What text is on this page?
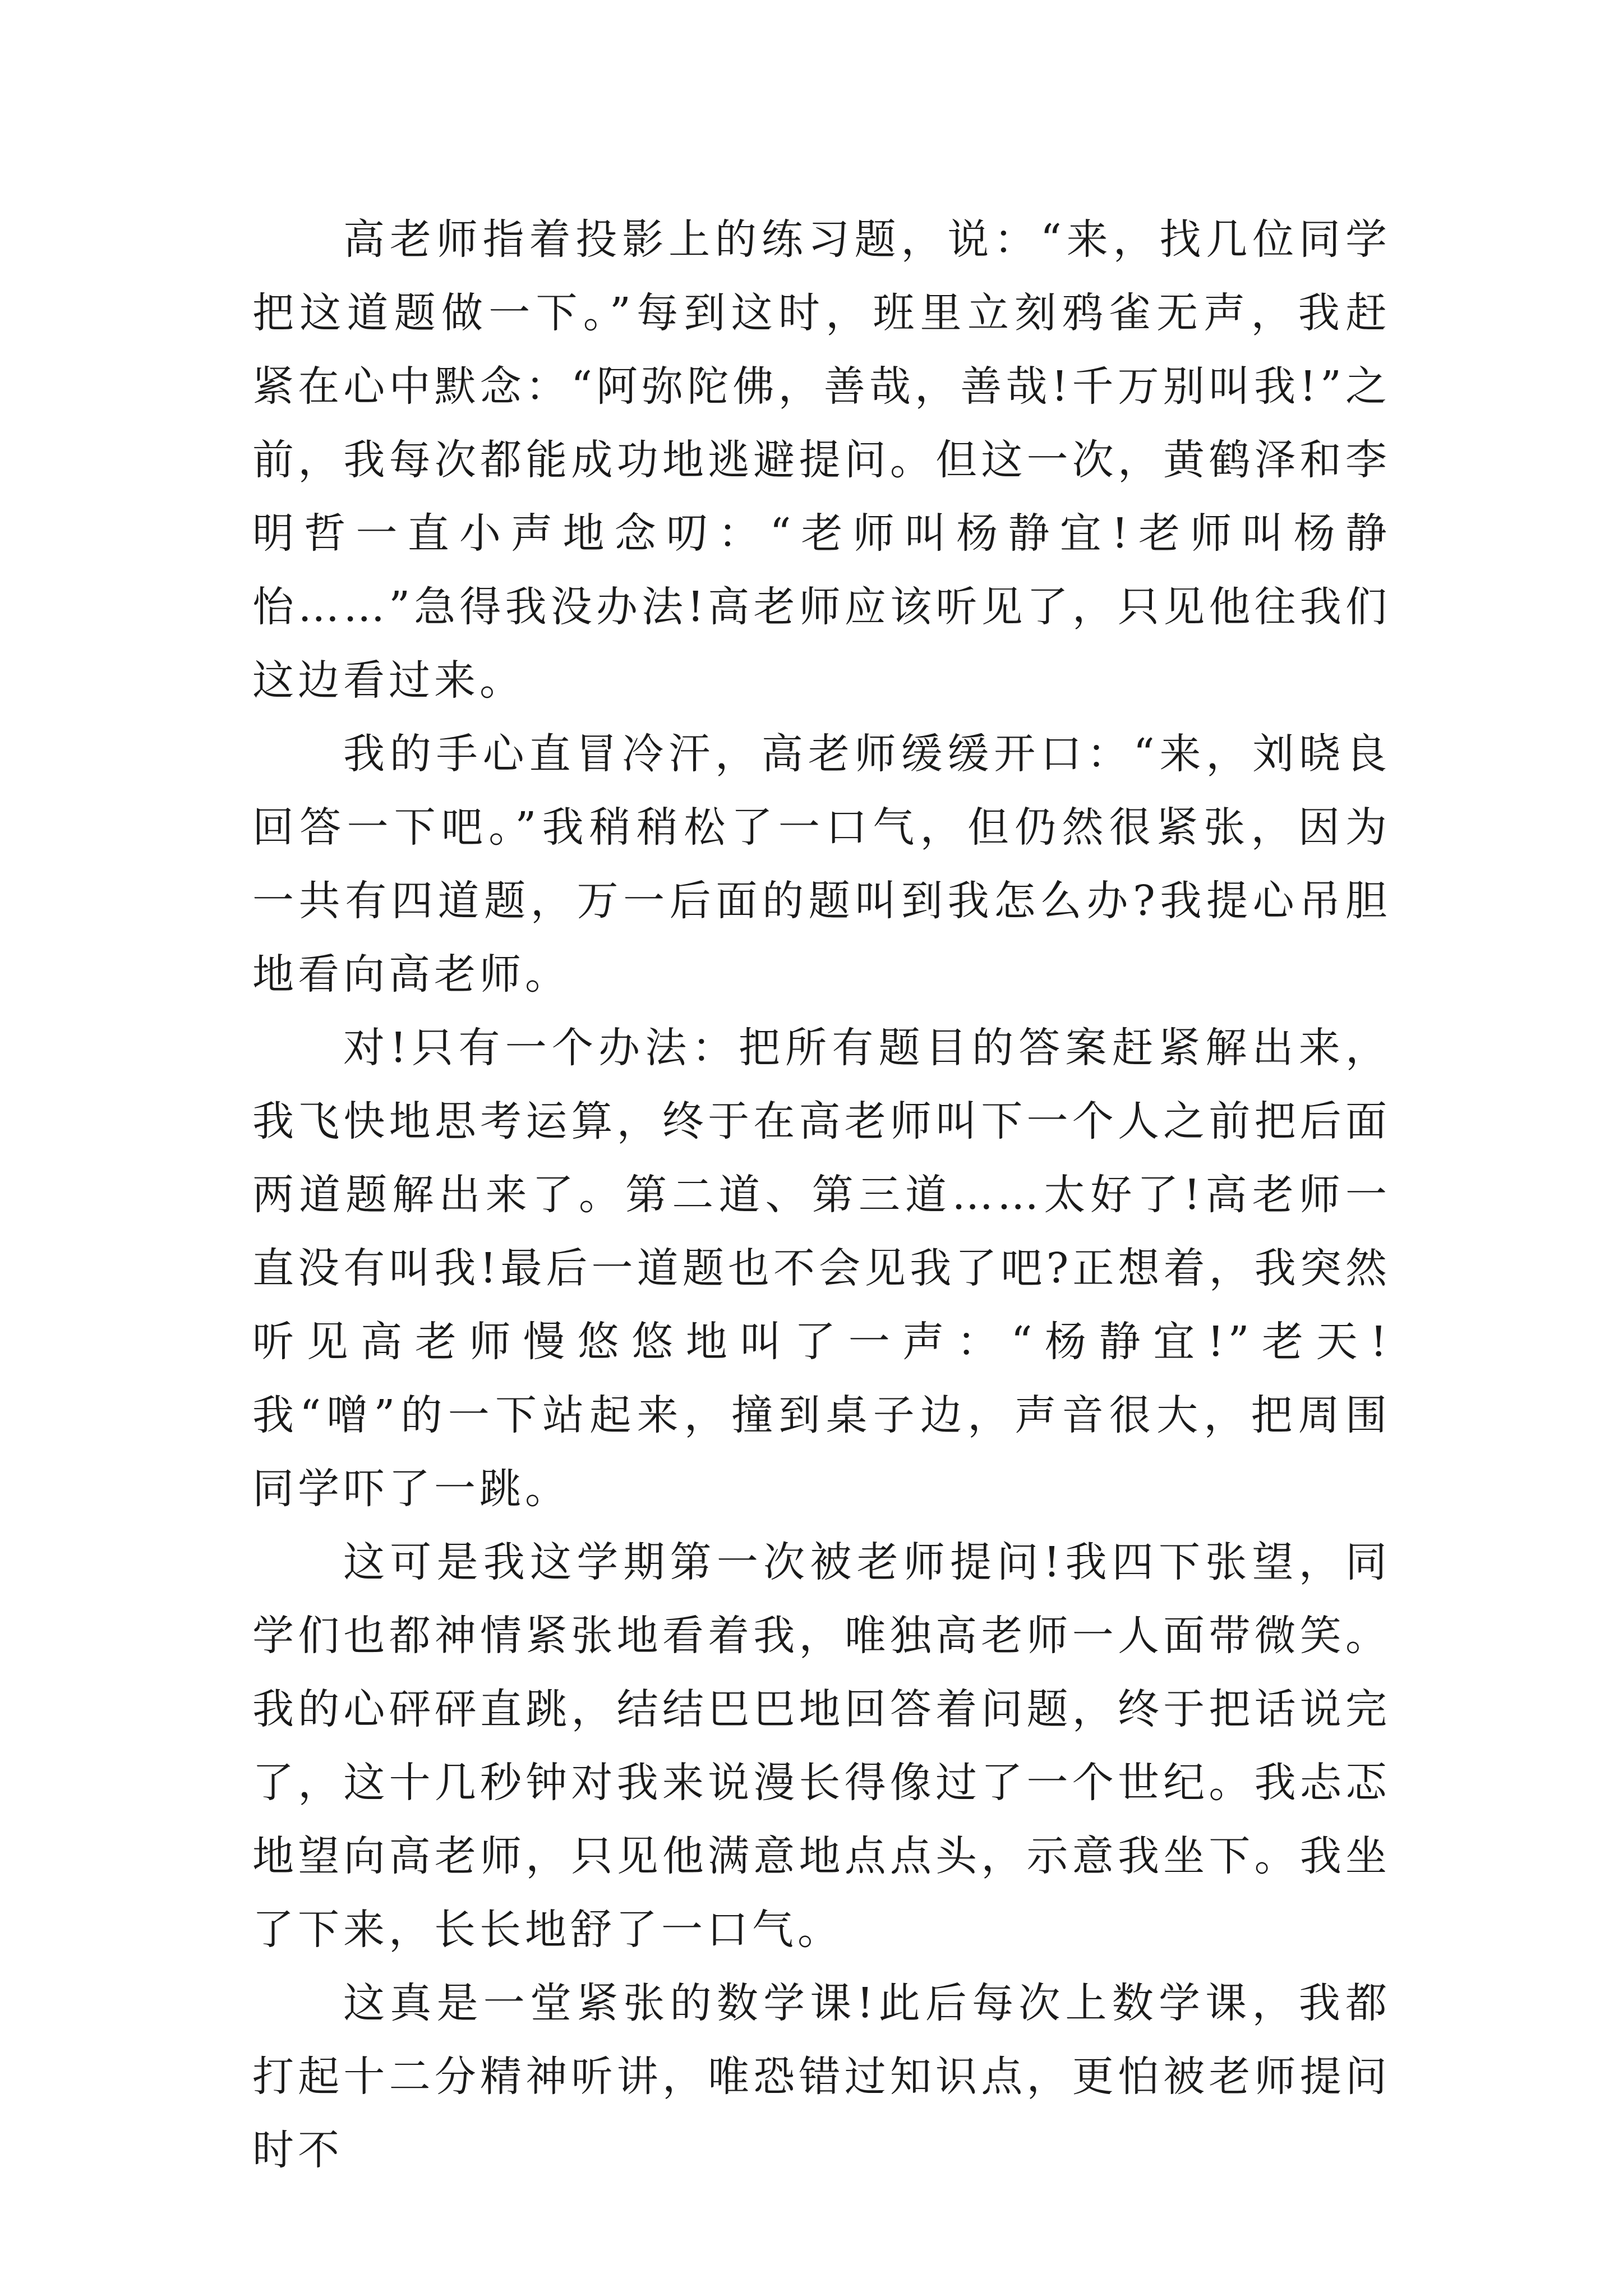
高老师指着投影上的练习题，说：“来，找几位同学把这道题做一下。”每到这时，班里立刻鸦雀无声，我赶紧在心中默念：“阿弥陀佛，善哉，善哉!千万别叫我!”之前，我每次都能成功地逃避提问。但这一次，黄鹤泽和李明哲一直小声地念叨：“老师叫杨静宜!老师叫杨静怡……”急得我没办法!高老师应该听见了，只见他往我们这边看过来。

我的手心直冒冷汗，高老师缓缓开口：“来，刘晓良回答一下吧。”我稍稍松了一口气，但仍然很紧张，因为一共有四道题，万一后面的题叫到我怎么办?我提心吊胆地看向高老师。

对!只有一个办法：把所有题目的答案赶紧解出来，我飞快地思考运算，终于在高老师叫下一个人之前把后面两道题解出来了。第二道、第三道……太好了!高老师一直没有叫我!最后一道题也不会见我了吧?正想着，我突然听见高老师慢悠悠地叫了一声：“杨静宜!”老天!我“噌”的一下站起来，撞到桌子边，声音很大，把周围同学吓了一跳。

这可是我这学期第一次被老师提问!我四下张望，同学们也都神情紧张地看着我，唯独高老师一人面带微笑。我的心砰砰直跳，结结巴巴地回答着问题，终于把话说完了，这十几秒钟对我来说漫长得像过了一个世纪。我忐忑地望向高老师，只见他满意地点点头，示意我坐下。我坐了下来，长长地舒了一口气。

这真是一堂紧张的数学课!此后每次上数学课，我都打起十二分精神听讲，唯恐错过知识点，更怕被老师提问时不
